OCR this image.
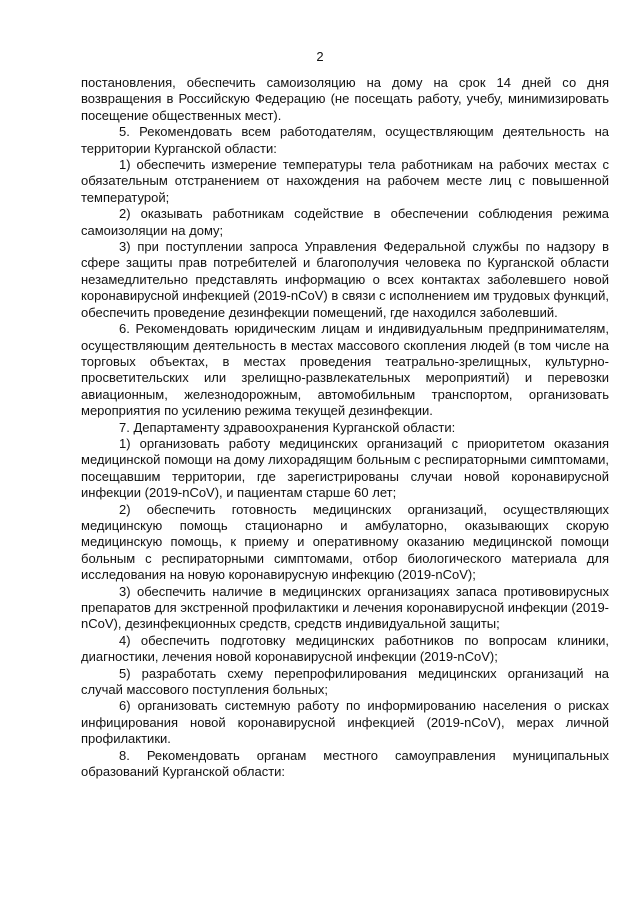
2

постановления, обеспечить самоизоляцию на дому на срок 14 дней со дня возвращения в Российскую Федерацию (не посещать работу, учебу, минимизировать посещение общественных мест).

5. Рекомендовать всем работодателям, осуществляющим деятельность на территории Курганской области:

1) обеспечить измерение температуры тела работникам на рабочих местах с обязательным отстранением от нахождения на рабочем месте лиц с повышенной температурой;

2) оказывать работникам содействие в обеспечении соблюдения режима самоизоляции на дому;

3) при поступлении запроса Управления Федеральной службы по надзору в сфере защиты прав потребителей и благополучия человека по Курганской области незамедлительно представлять информацию о всех контактах заболевшего новой коронавирусной инфекцией (2019-nCoV) в связи с исполнением им трудовых функций, обеспечить проведение дезинфекции помещений, где находился заболевший.

6. Рекомендовать юридическим лицам и индивидуальным предпринимателям, осуществляющим деятельность в местах массового скопления людей (в том числе на торговых объектах, в местах проведения театрально-зрелищных, культурно-просветительских или зрелищно-развлекательных мероприятий) и перевозки авиационным, железнодорожным, автомобильным транспортом, организовать мероприятия по усилению режима текущей дезинфекции.

7. Департаменту здравоохранения Курганской области:

1) организовать работу медицинских организаций с приоритетом оказания медицинской помощи на дому лихорадящим больным с респираторными симптомами, посещавшим территории, где зарегистрированы случаи новой коронавирусной инфекции (2019-nCoV), и пациентам старше 60 лет;

2) обеспечить готовность медицинских организаций, осуществляющих медицинскую помощь стационарно и амбулаторно, оказывающих скорую медицинскую помощь, к приему и оперативному оказанию медицинской помощи больным с респираторными симптомами, отбор биологического материала для исследования на новую коронавирусную инфекцию (2019-nCoV);

3) обеспечить наличие в медицинских организациях запаса противовирусных препаратов для экстренной профилактики и лечения коронавирусной инфекции (2019-nCoV), дезинфекционных средств, средств индивидуальной защиты;

4) обеспечить подготовку медицинских работников по вопросам клиники, диагностики, лечения новой коронавирусной инфекции (2019-nCoV);

5) разработать схему перепрофилирования медицинских организаций на случай массового поступления больных;

6) организовать системную работу по информированию населения о рисках инфицирования новой коронавирусной инфекцией (2019-nCoV), мерах личной профилактики.

8. Рекомендовать органам местного самоуправления муниципальных образований Курганской области:
